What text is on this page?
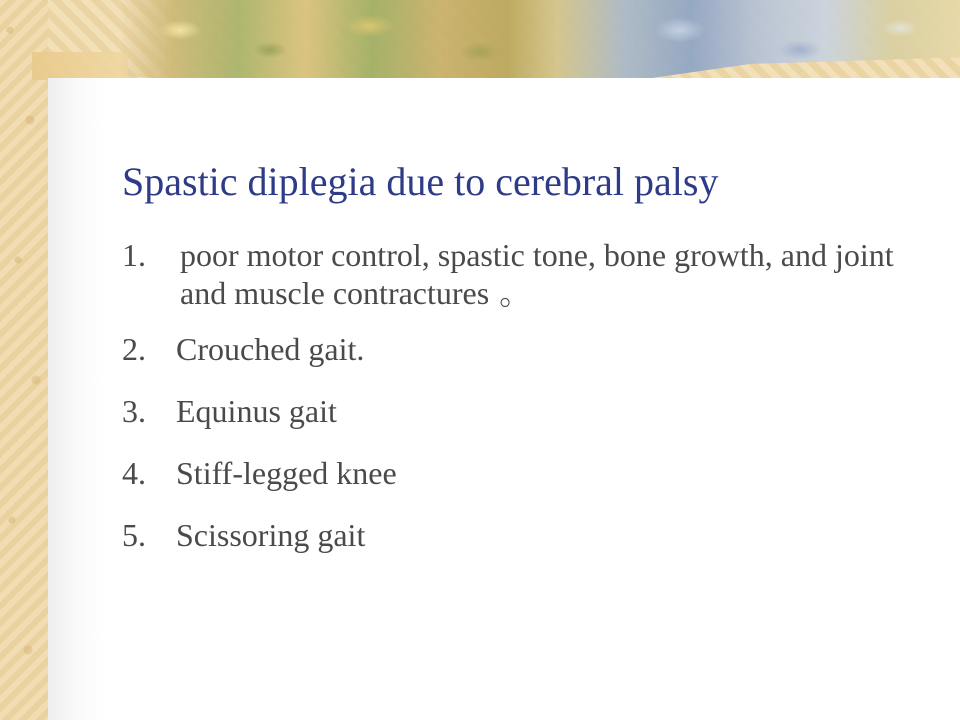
Spastic diplegia due to cerebral palsy
1.	poor motor control, spastic tone, bone growth, and joint and muscle contractures 。
2. Crouched gait.
3. Equinus gait
4. Stiff-legged knee
5. Scissoring gait
